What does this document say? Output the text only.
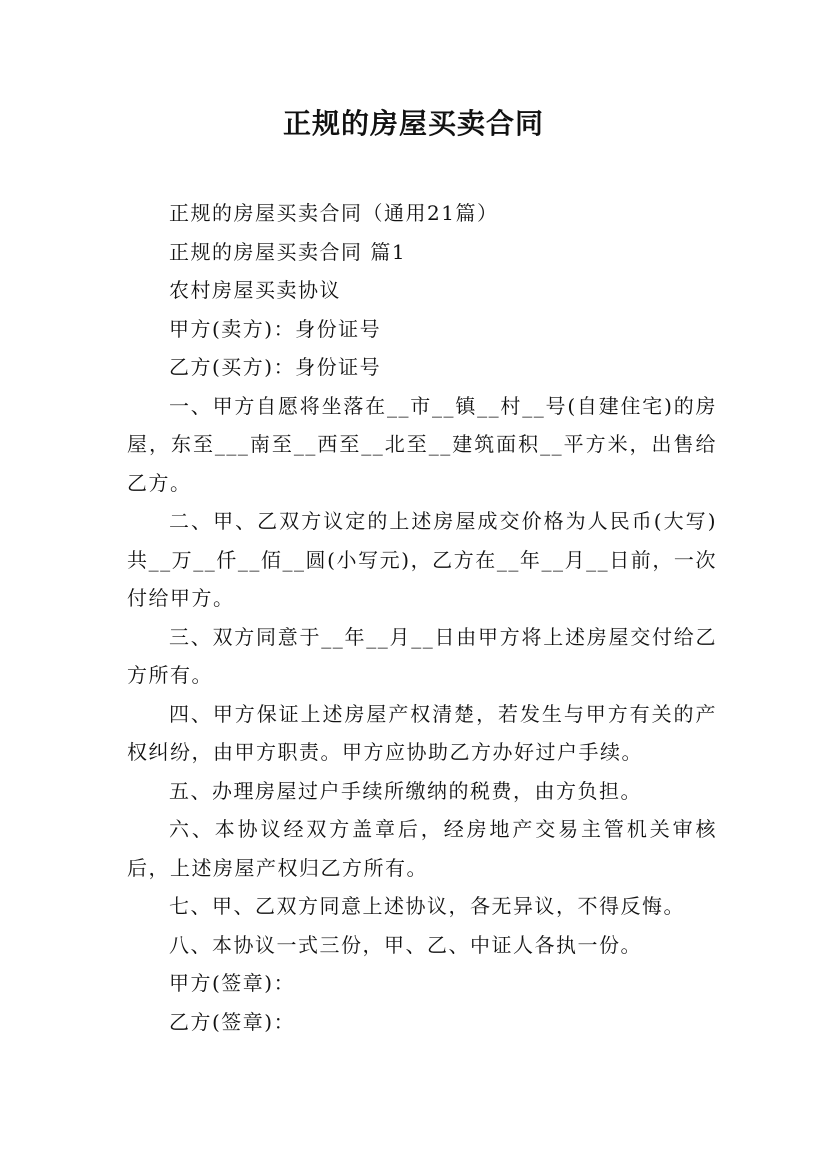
正规的房屋买卖合同

正规的房屋买卖合同（通用21篇）

正规的房屋买卖合同 篇1

农村房屋买卖协议

甲方(卖方)：身份证号

乙方(买方)：身份证号

一、甲方自愿将坐落在__市__镇__村__号(自建住宅)的房屋，东至___南至__西至__北至__建筑面积__平方米，出售给乙方。

二、甲、乙双方议定的上述房屋成交价格为人民币(大写)共__万__仟__佰__圆(小写元)，乙方在__年__月__日前，一次付给甲方。

三、双方同意于__年__月__日由甲方将上述房屋交付给乙方所有。

四、甲方保证上述房屋产权清楚，若发生与甲方有关的产权纠纷，由甲方职责。甲方应协助乙方办好过户手续。

五、办理房屋过户手续所缴纳的税费，由方负担。

六、本协议经双方盖章后，经房地产交易主管机关审核后，上述房屋产权归乙方所有。

七、甲、乙双方同意上述协议，各无异议，不得反悔。

八、本协议一式三份，甲、乙、中证人各执一份。

甲方(签章)：

乙方(签章)：
